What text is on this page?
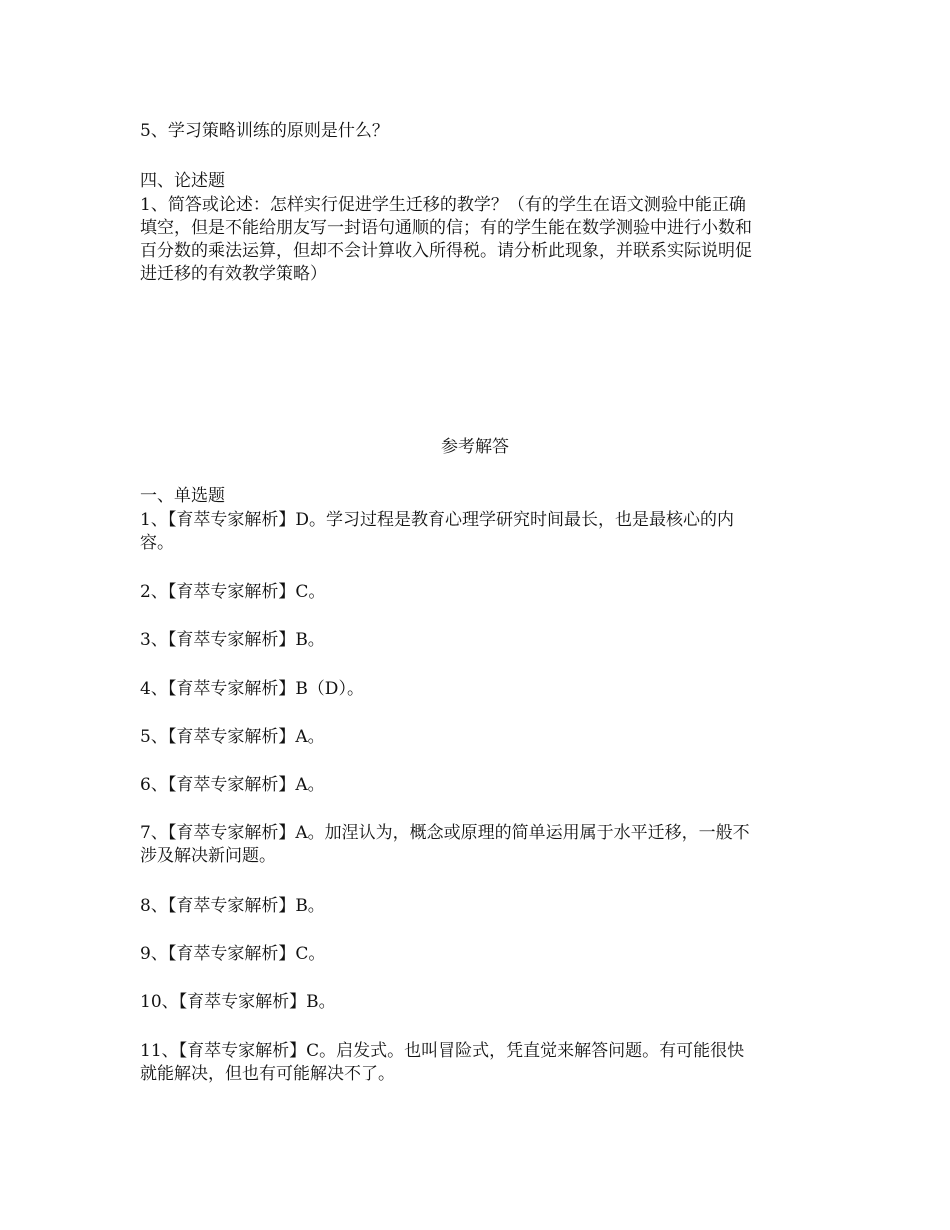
5、学习策略训练的原则是什么？
四、论述题
1、简答或论述：怎样实行促进学生迁移的教学？（有的学生在语文测验中能正确
填空，但是不能给朋友写一封语句通顺的信；有的学生能在数学测验中进行小数和
百分数的乘法运算，但却不会计算收入所得税。请分析此现象，并联系实际说明促
进迁移的有效教学策略）
参考解答
一、单选题
1、【育萃专家解析】D。学习过程是教育心理学研究时间最长，也是最核心的内
容。
2、【育萃专家解析】C。
3、【育萃专家解析】B。
4、【育萃专家解析】B（D）。
5、【育萃专家解析】A。
6、【育萃专家解析】A。
7、【育萃专家解析】A。加涅认为，概念或原理的简单运用属于水平迁移，一般不
涉及解决新问题。
8、【育萃专家解析】B。
9、【育萃专家解析】C。
10、【育萃专家解析】B。
11、【育萃专家解析】C。启发式。也叫冒险式，凭直觉来解答问题。有可能很快
就能解决，但也有可能解决不了。
